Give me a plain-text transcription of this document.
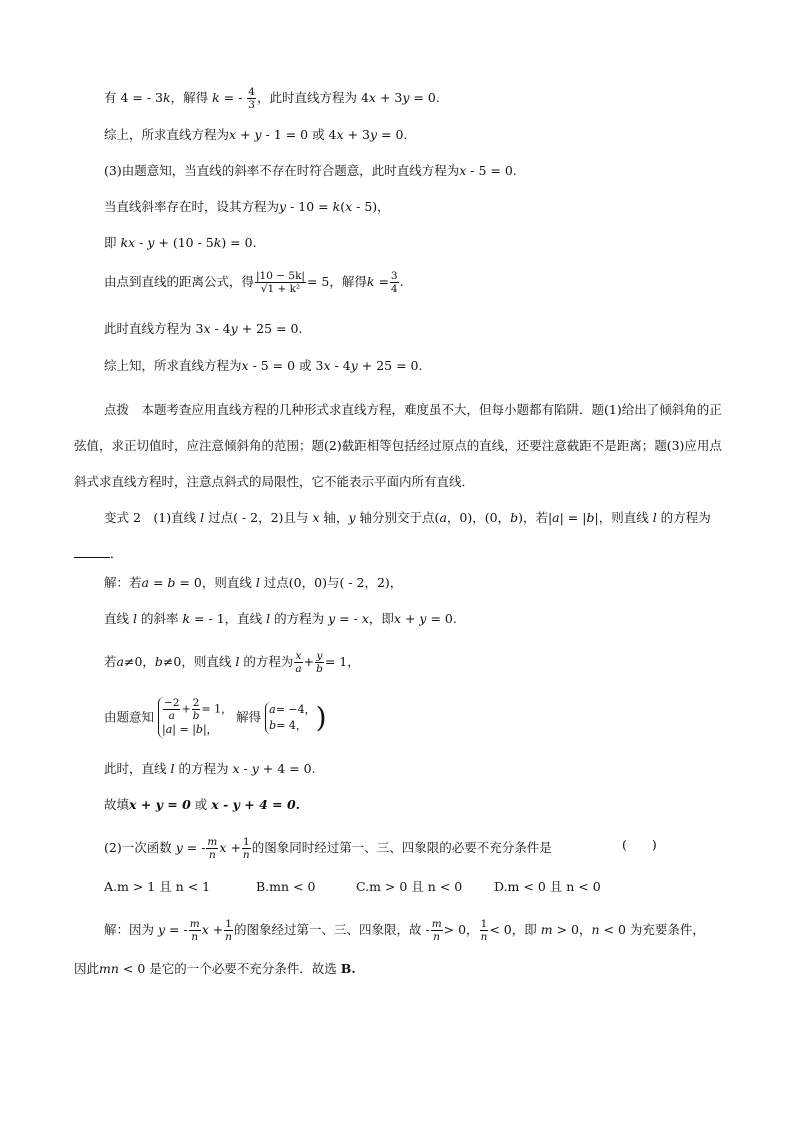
有 4 = - 3k，解得 k = - $\frac{4}{3}$ ，此时直线方程为 4x + 3y = 0.
综上，所求直线方程为x + y - 1 = 0 或 4x + 3y = 0.
(3)由题意知，当直线的斜率不存在时符合题意，此时直线方程为x - 5 = 0.
当直线斜率存在时，设其方程为y - 10 = k(x - 5)，
即 kx - y + (10 - 5k) = 0.
由点到直线的距离公式，得 $\frac{|10 - 5k|}{\text{√1 + k²}} = 5$，解得$k = \frac{3}{4}$ .
此时直线方程为 3x - 4y + 25 = 0.
综上知，所求直线方程为x - 5 = 0 或 3x - 4y + 25 = 0.
点拨　本题考查应用直线方程的几种形式求直线方程，难度虽不大，但每小题都有陷阱．题(1)给出了倾斜角的正弦值，求正切值时，应注意倾斜角的范围；题(2)截距相等包括经过原点的直线，还要注意截距不是距离；题(3)应用点斜式求直线方程时，注意点斜式的局限性，它不能表示平面内所有直线．
变式 2　(1)直线 l 过点( - 2，2)且与 x 轴，y 轴分别交于点(a，0)，(0，b)，若|a| = |b|，则直线 l 的方程为．
解：若a = b = 0，则直线 l 过点(0，0)与( - 2，2)，
直线 l 的斜率 k = - 1，直线 l 的方程为 y = - x，即x + y = 0.
若a≠0，b≠0，则直线 l 的方程为 $\frac{x}{a} + \frac{y}{b} = 1$，
由题意知 $\frac{-2}{a} + \frac{2}{b} = 1$，
|a| = |b|，
解得
a= −4，
b= 4， )
此时，直线 l 的方程为 x - y + 4 = 0.
故填x + y = 0 或 x - y + 4 = 0.
(2)一次函数 y = - $\frac{m}{n}$ $x + \frac{1}{n}$ 的图象同时经过第一、三、四象限的必要不充分条件是	(　　)
A.m > 1 且 n < 1	B.mn < 0	C.m > 0 且 n < 0	D.m < 0 且 n < 0
解：因为 y = - $\frac{m}{n}$ $x + \frac{1}{n}$ 的图象经过第一、三、四象限，故 - $\frac{m}{n} > 0$， $\frac{1}{n} < 0$，即 m > 0，n < 0 为充要条件，
因此mn < 0 是它的一个必要不充分条件．故选 B.
